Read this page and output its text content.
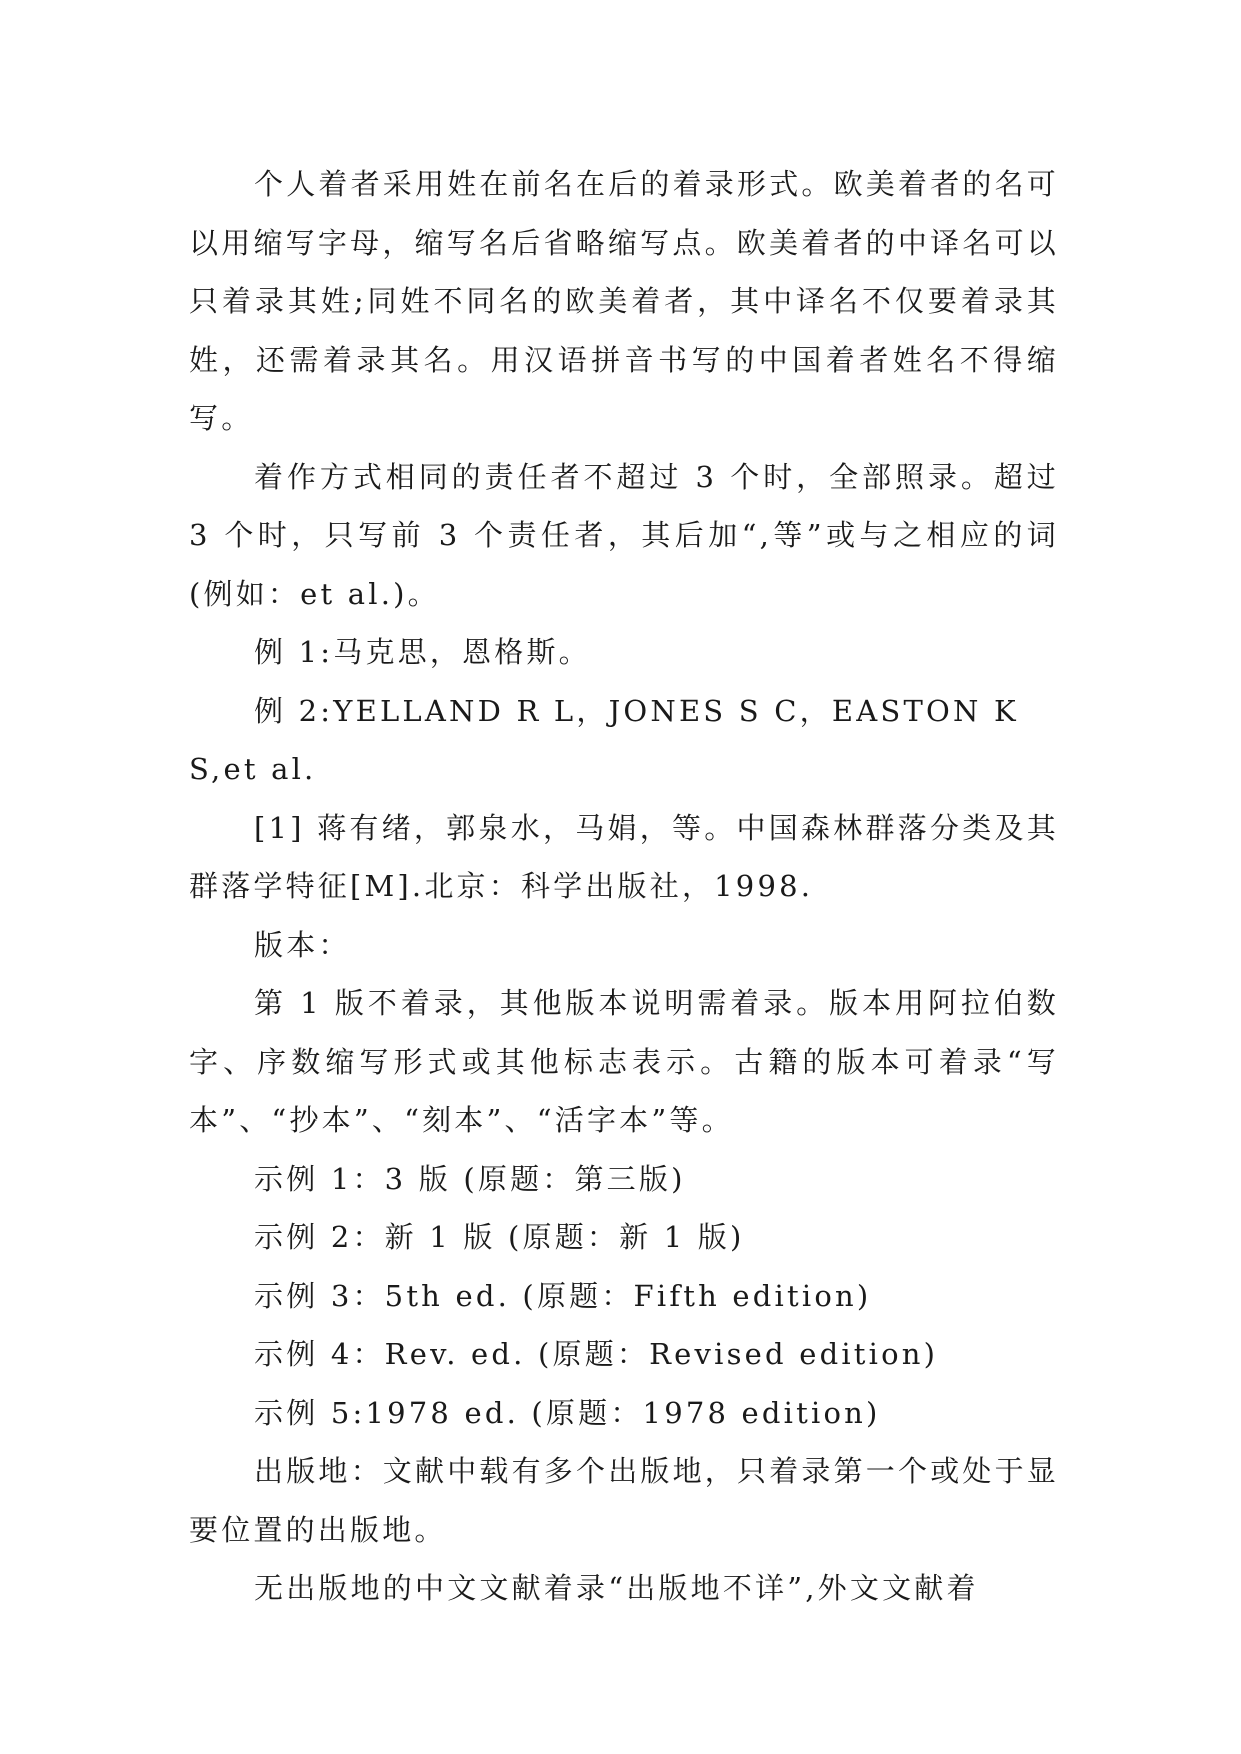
个人着者采用姓在前名在后的着录形式。欧美着者的名可以用缩写字母，缩写名后省略缩写点。欧美着者的中译名可以只着录其姓;同姓不同名的欧美着者，其中译名不仅要着录其姓，还需着录其名。用汉语拼音书写的中国着者姓名不得缩写。

着作方式相同的责任者不超过 3 个时，全部照录。超过 3 个时，只写前 3 个责任者，其后加“,等”或与之相应的词(例如：et al.)。

例 1:马克思，恩格斯。

例 2:YELLAND R L，JONES S C，EASTON K S,et al.

[1] 蒋有绪，郭泉水，马娟，等。中国森林群落分类及其群落学特征[M].北京：科学出版社，1998.

版本：

第 1 版不着录，其他版本说明需着录。版本用阿拉伯数字、序数缩写形式或其他标志表示。古籍的版本可着录“写本”、“抄本”、“刻本”、“活字本”等。

示例 1：3 版 (原题：第三版)

示例 2：新 1 版 (原题：新 1 版)

示例 3：5th ed. (原题：Fifth edition)

示例 4：Rev. ed. (原题：Revised edition)

示例 5:1978 ed. (原题：1978 edition)

出版地：文献中载有多个出版地，只着录第一个或处于显要位置的出版地。

无出版地的中文文献着录“出版地不详”,外文文献着
